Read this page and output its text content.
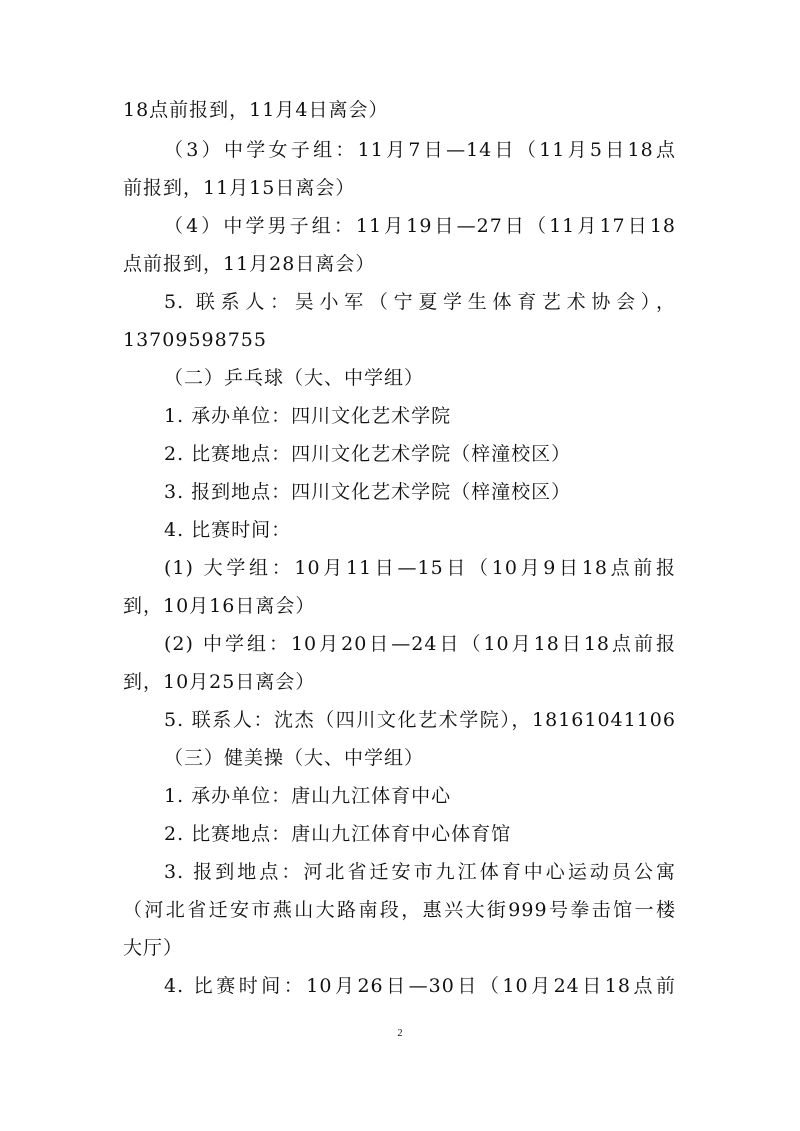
18点前报到，11月4日离会）
（3）中学女子组：11月7日—14日（11月5日18点
前报到，11月15日离会）
（4）中学男子组：11月19日—27日（11月17日18
点前报到，11月28日离会）
5. 联系人：吴小军（宁夏学生体育艺术协会），
13709598755
（二）乒乓球（大、中学组）
1. 承办单位：四川文化艺术学院
2. 比赛地点：四川文化艺术学院（梓潼校区）
3. 报到地点：四川文化艺术学院（梓潼校区）
4. 比赛时间：
(1) 大学组：10月11日—15日（10月9日18点前报
到，10月16日离会）
(2) 中学组：10月20日—24日（10月18日18点前报
到，10月25日离会）
5. 联系人：沈杰（四川文化艺术学院），18161041106
（三）健美操（大、中学组）
1. 承办单位：唐山九江体育中心
2. 比赛地点：唐山九江体育中心体育馆
3. 报到地点：河北省迁安市九江体育中心运动员公寓
（河北省迁安市燕山大路南段，惠兴大街999号拳击馆一楼
大厅）
4. 比赛时间：10月26日—30日（10月24日18点前
2
